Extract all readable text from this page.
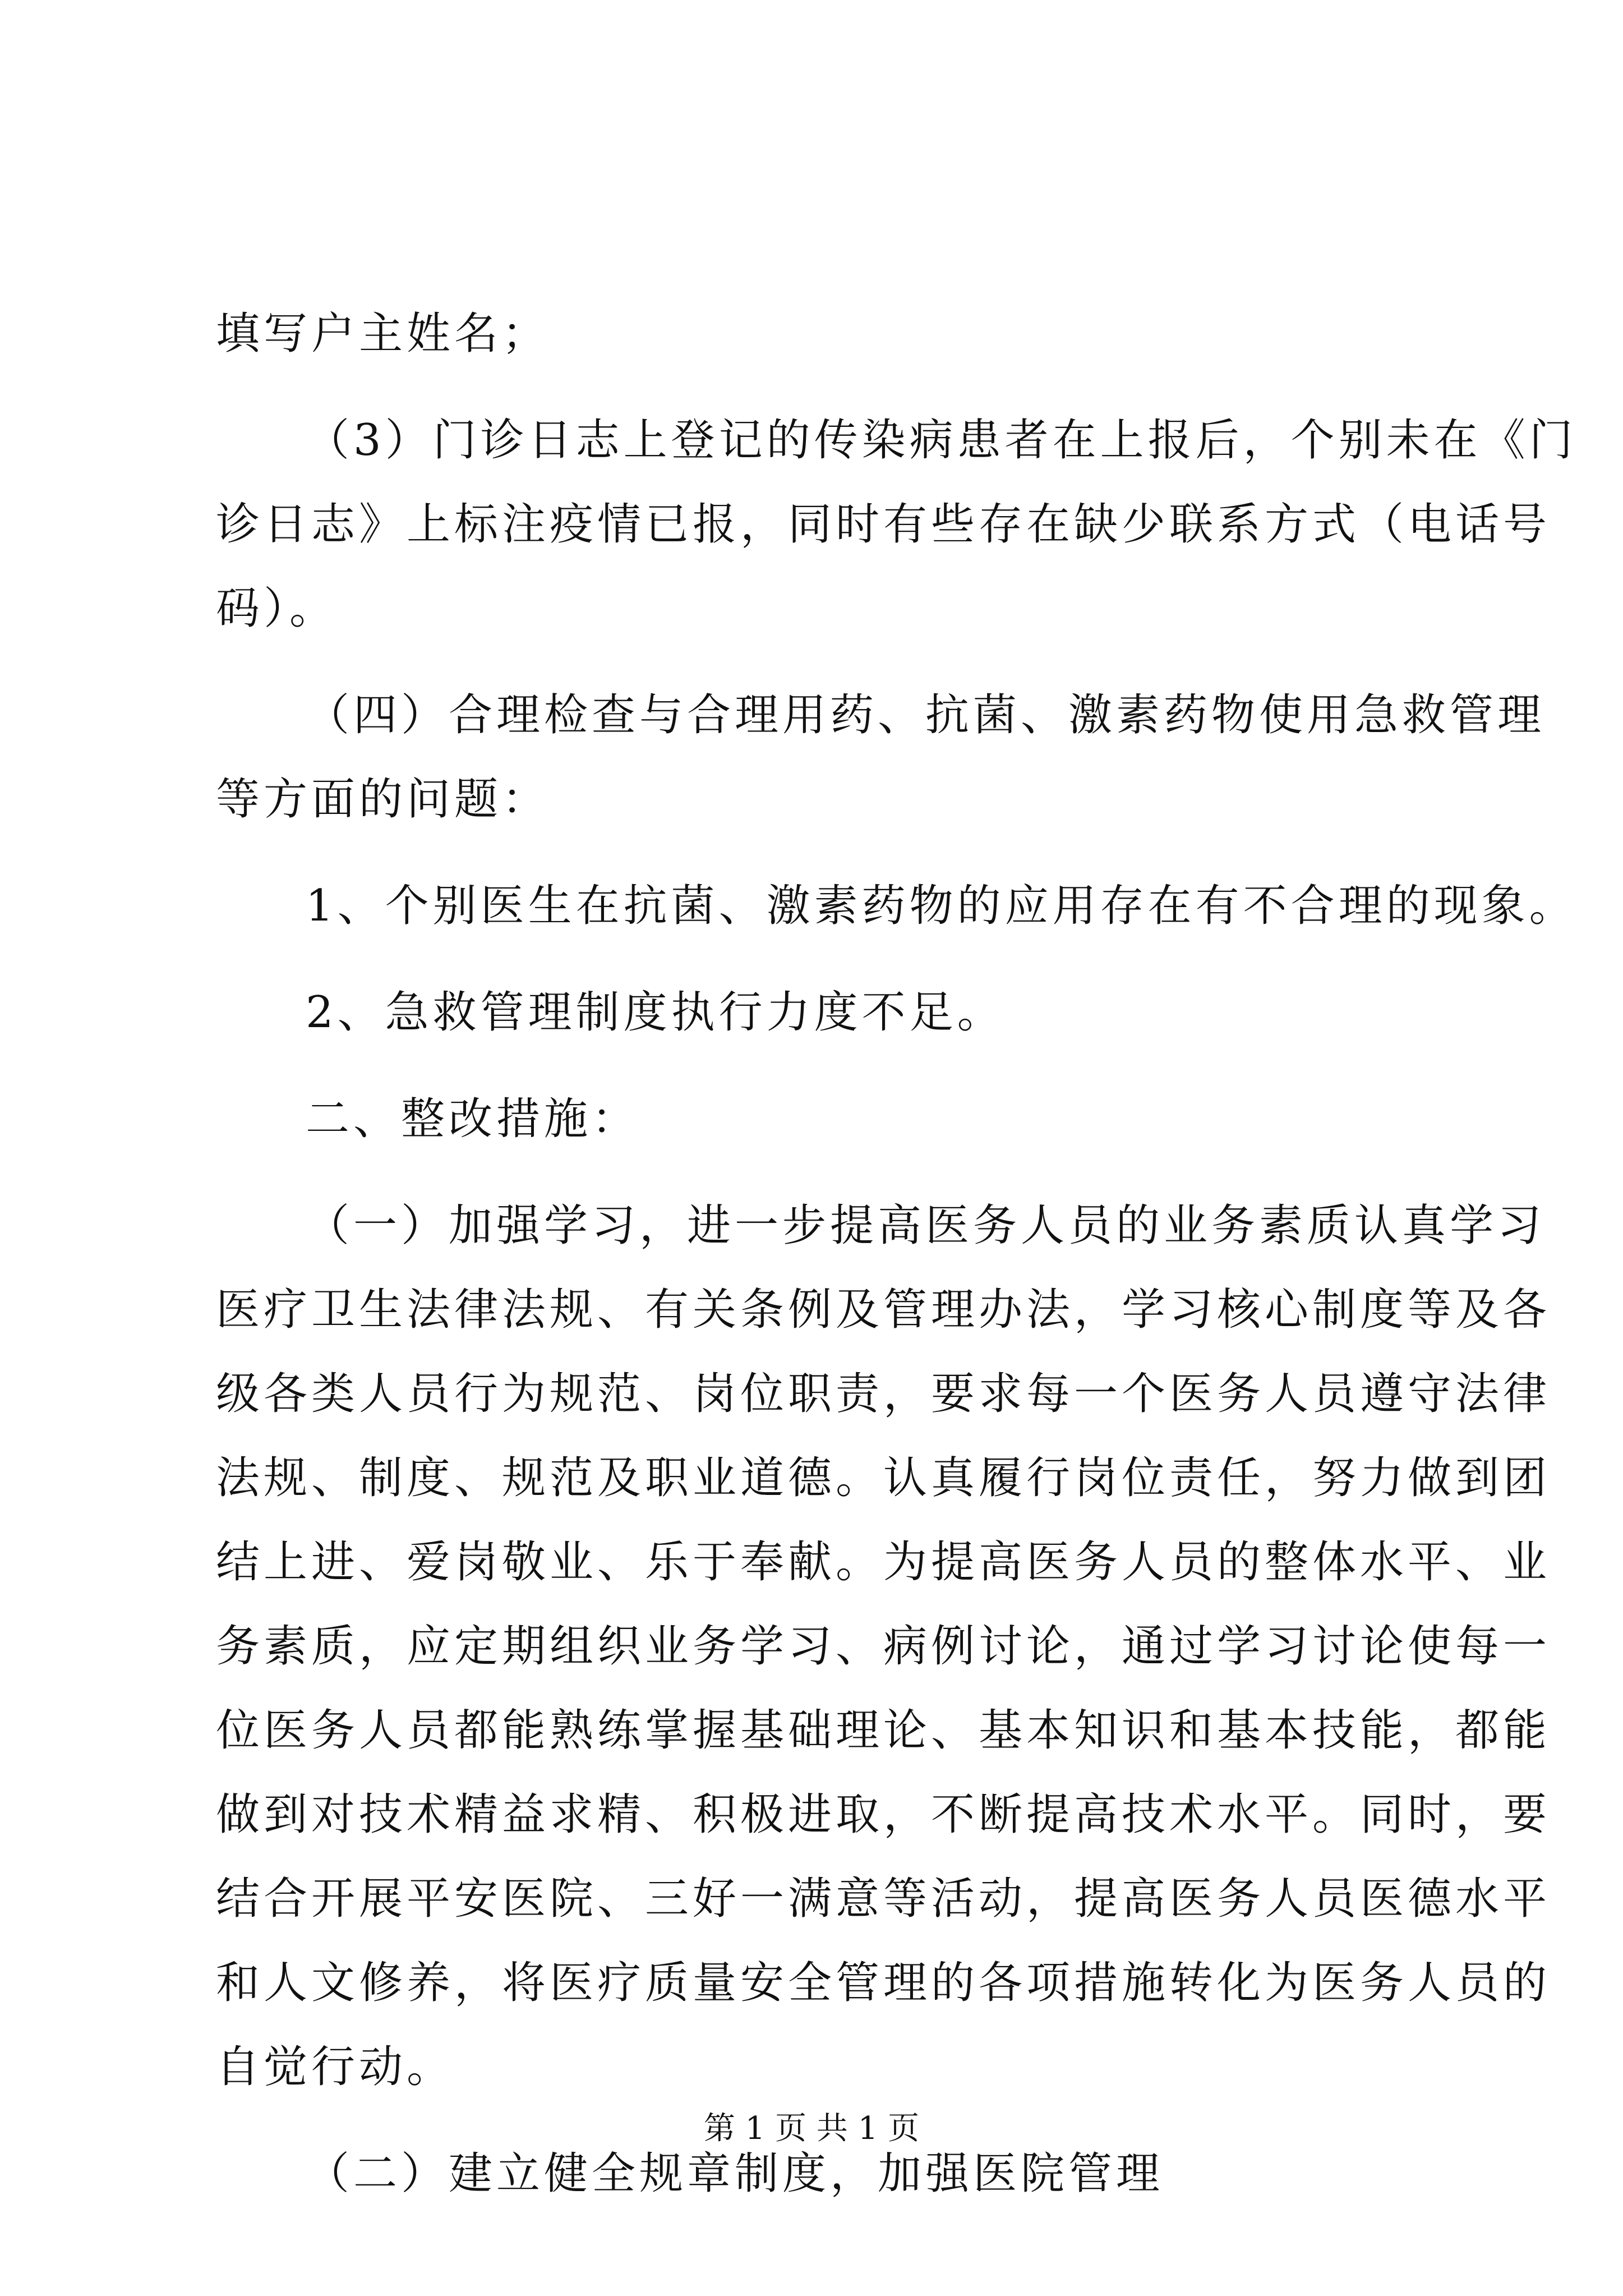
填写户主姓名；
（3）门诊日志上登记的传染病患者在上报后，个别未在《门
诊日志》上标注疫情已报，同时有些存在缺少联系方式（电话号
码）。
（四）合理检查与合理用药、抗菌、激素药物使用急救管理
等方面的问题：
1、个别医生在抗菌、激素药物的应用存在有不合理的现象。
2、急救管理制度执行力度不足。
二、整改措施：
（一）加强学习，进一步提高医务人员的业务素质认真学习
医疗卫生法律法规、有关条例及管理办法，学习核心制度等及各
级各类人员行为规范、岗位职责，要求每一个医务人员遵守法律
法规、制度、规范及职业道德。认真履行岗位责任，努力做到团
结上进、爱岗敬业、乐于奉献。为提高医务人员的整体水平、业
务素质，应定期组织业务学习、病例讨论，通过学习讨论使每一
位医务人员都能熟练掌握基础理论、基本知识和基本技能，都能
做到对技术精益求精、积极进取，不断提高技术水平。同时，要
结合开展平安医院、三好一满意等活动，提高医务人员医德水平
和人文修养，将医疗质量安全管理的各项措施转化为医务人员的
自觉行动。
（二）建立健全规章制度，加强医院管理
第 1 页 共 1 页
